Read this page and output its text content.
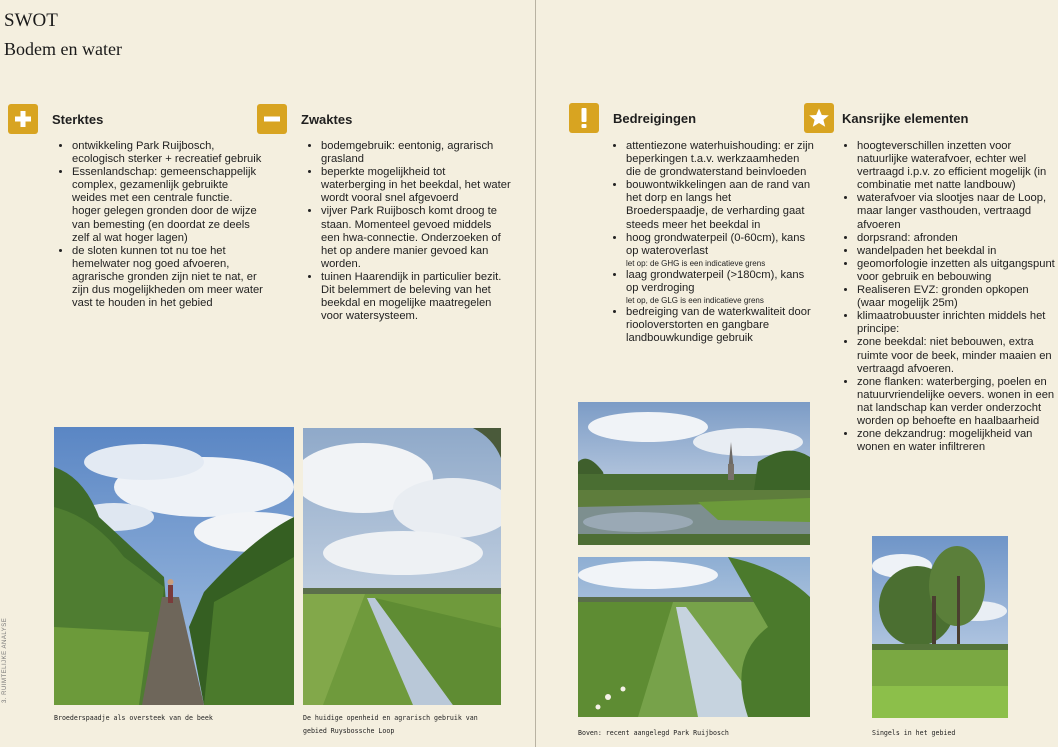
3. RUIMTELIJKE ANALYSE
SWOT
Bodem en water
Sterktes
• ontwikkeling Park Ruijbosch, ecologisch sterker + recreatief gebruik
• Essenlandschap: gemeenschappelijk complex, gezamenlijk gebruikte weides met een centrale functie. hoger gelegen gronden door de wijze van bemesting (en doordat ze deels zelf al wat hoger lagen)
• de sloten kunnen tot nu toe het hemelwater nog goed afvoeren, agrarische gronden zijn niet te nat, er zijn dus mogelijkheden om meer water vast te houden in het gebied
Zwaktes
• bodemgebruik: eentonig, agrarisch grasland
• beperkte mogelijkheid tot waterberging in het beekdal, het water wordt vooral snel afgevoerd
• vijver Park Ruijbosch komt droog te staan. Momenteel gevoed middels een hwa-connectie. Onderzoeken of het op andere manier gevoed kan worden.
• tuinen Haarendijk in particulier bezit. Dit belemmert de beleving van het beekdal en mogelijke maatregelen voor watersysteem.
Bedreigingen
• attentiezone waterhuishouding: er zijn beperkingen t.a.v. werkzaamheden die de grondwaterstand beinvloeden
• bouwontwikkelingen aan de rand van het dorp en langs het Broederspaadje, de verharding gaat steeds meer het beekdal in
• hoog grondwaterpeil (0-60cm), kans op wateroverlast
let op: de GHG is een indicatieve grens
• laag grondwaterpeil (>180cm), kans op verdroging
let op, de GLG is een indicatieve grens
• bedreiging van de waterkwaliteit door riooloverstorten en gangbare landbouwkundige gebruik
Kansrijke elementen
• hoogteverschillen inzetten voor natuurlijke waterafvoer, echter wel vertraagd i.p.v. zo efficient mogelijk (in combinatie met natte landbouw)
• waterafvoer via slootjes naar de Loop, maar langer vasthouden, vertraagd afvoeren
• dorpsrand: afronden
• wandelpaden het beekdal in
• geomorfologie inzetten als uitgangspunt voor gebruik en bebouwing
• Realiseren EVZ: gronden opkopen (waar mogelijk 25m)
• klimaatrobuuster inrichten middels het principe:
• zone beekdal: niet bebouwen, extra ruimte voor de beek, minder maaien en vertraagd afvoeren.
• zone flanken: waterberging, poelen en natuurvriendelijke oevers. wonen in een nat landschap kan verder onderzocht worden op behoefte en haalbaarheid
• zone dekzandrug: mogelijkheid van wonen en water infiltreren
Broederspaadje als oversteek van de beek	De huidige openheid en agrarisch gebruik van gebied Ruysbossche Loop	Boven: recent aangelegd Park Ruijbosch	Singels in het gebied
